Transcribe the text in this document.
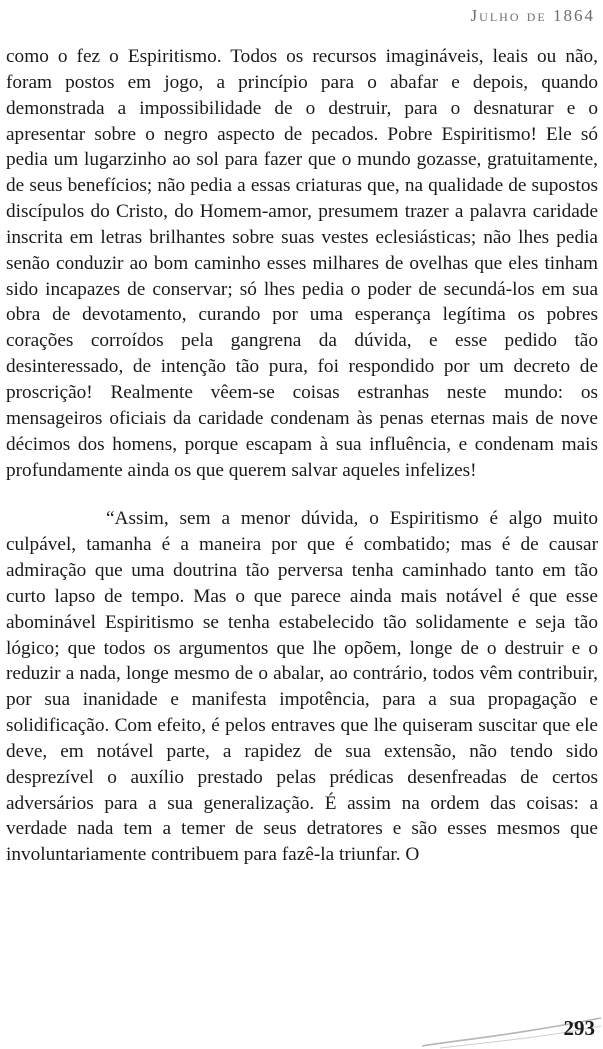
Julho de 1864

como o fez o Espiritismo. Todos os recursos imagináveis, leais ou não, foram postos em jogo, a princípio para o abafar e depois, quando demonstrada a impossibilidade de o destruir, para o desnaturar e o apresentar sobre o negro aspecto de pecados. Pobre Espiritismo! Ele só pedia um lugarzinho ao sol para fazer que o mundo gozasse, gratuitamente, de seus benefícios; não pedia a essas criaturas que, na qualidade de supostos discípulos do Cristo, do Homem-amor, presumem trazer a palavra caridade inscrita em letras brilhantes sobre suas vestes eclesiásticas; não lhes pedia senão conduzir ao bom caminho esses milhares de ovelhas que eles tinham sido incapazes de conservar; só lhes pedia o poder de secundá-los em sua obra de devotamento, curando por uma esperança legítima os pobres corações corroídos pela gangrena da dúvida, e esse pedido tão desinteressado, de intenção tão pura, foi respondido por um decreto de proscrição! Realmente vêem-se coisas estranhas neste mundo: os mensageiros oficiais da caridade condenam às penas eternas mais de nove décimos dos homens, porque escapam à sua influência, e condenam mais profundamente ainda os que querem salvar aqueles infelizes!

“Assim, sem a menor dúvida, o Espiritismo é algo muito culpável, tamanha é a maneira por que é combatido; mas é de causar admiração que uma doutrina tão perversa tenha caminhado tanto em tão curto lapso de tempo. Mas o que parece ainda mais notável é que esse abominável Espiritismo se tenha estabelecido tão solidamente e seja tão lógico; que todos os argumentos que lhe opõem, longe de o destruir e o reduzir a nada, longe mesmo de o abalar, ao contrário, todos vêm contribuir, por sua inanidade e manifesta impotência, para a sua propagação e solidificação. Com efeito, é pelos entraves que lhe quiseram suscitar que ele deve, em notável parte, a rapidez de sua extensão, não tendo sido desprezível o auxílio prestado pelas prédicas desenfreadas de certos adversários para a sua generalização. É assim na ordem das coisas: a verdade nada tem a temer de seus detratores e são esses mesmos que involuntariamente contribuem para fazê-la triunfar. O

293
